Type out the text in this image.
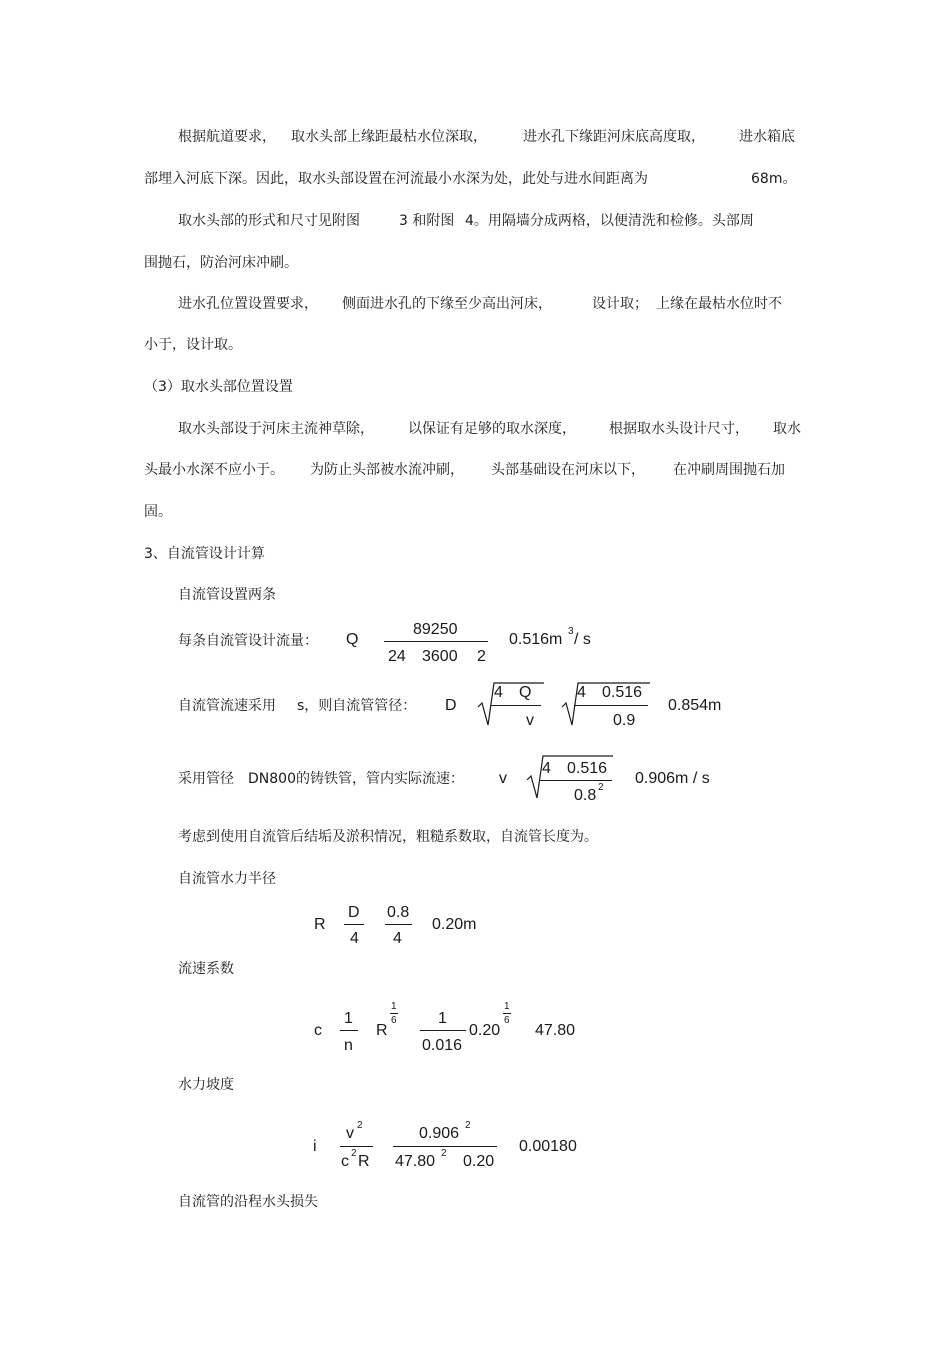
根据航道要求， 取水头部上缘距最枯水位深取，	进水孔下缘距河床底高度取， 进水箱底
部埋入河底下深。因此，取水头部设置在河流最小水深为处，此处与进水间距离为	68m。
取水头部的形式和尺寸见附图	3 和附图 4。用隔墙分成两格，以便清洗和检修。头部周
围抛石，防治河床冲刷。
进水孔位置设置要求， 侧面进水孔的下缘至少高出河床，	设计取； 上缘在最枯水位时不
小于，设计取。
（3）取水头部位置设置
取水头部设于河床主流神草除， 以保证有足够的取水深度， 根据取水头设计尺寸， 取水
头最小水深不应小于。 为防止头部被水流冲刷， 头部基础设在河床以下， 在冲刷周围抛石加
固。
3、自流管设计计算
自流管设置两条
每条自流管设计流量： Q
89250
24 3600 2
0.516m 3 / s
自流管流速采用 s，则自流管管径： D
4 Q
v
4 0.516
0.9
0.854m
采用管径 DN800的铸铁管，管内实际流速： v
4 0.516
0.8 2
0.906m / s
考虑到使用自流管后结垢及淤积情况，粗糙系数取，自流管长度为。
自流管水力半径
R
D
4
0.8
4
0.20m
流速系数
c
1
n
R
1
6	1
0.016
0.20
1
6
47.80
水力坡度
i
v 2
c 2 R
0.906 2
47.80 2 0.20
0.00180
自流管的沿程水头损失
